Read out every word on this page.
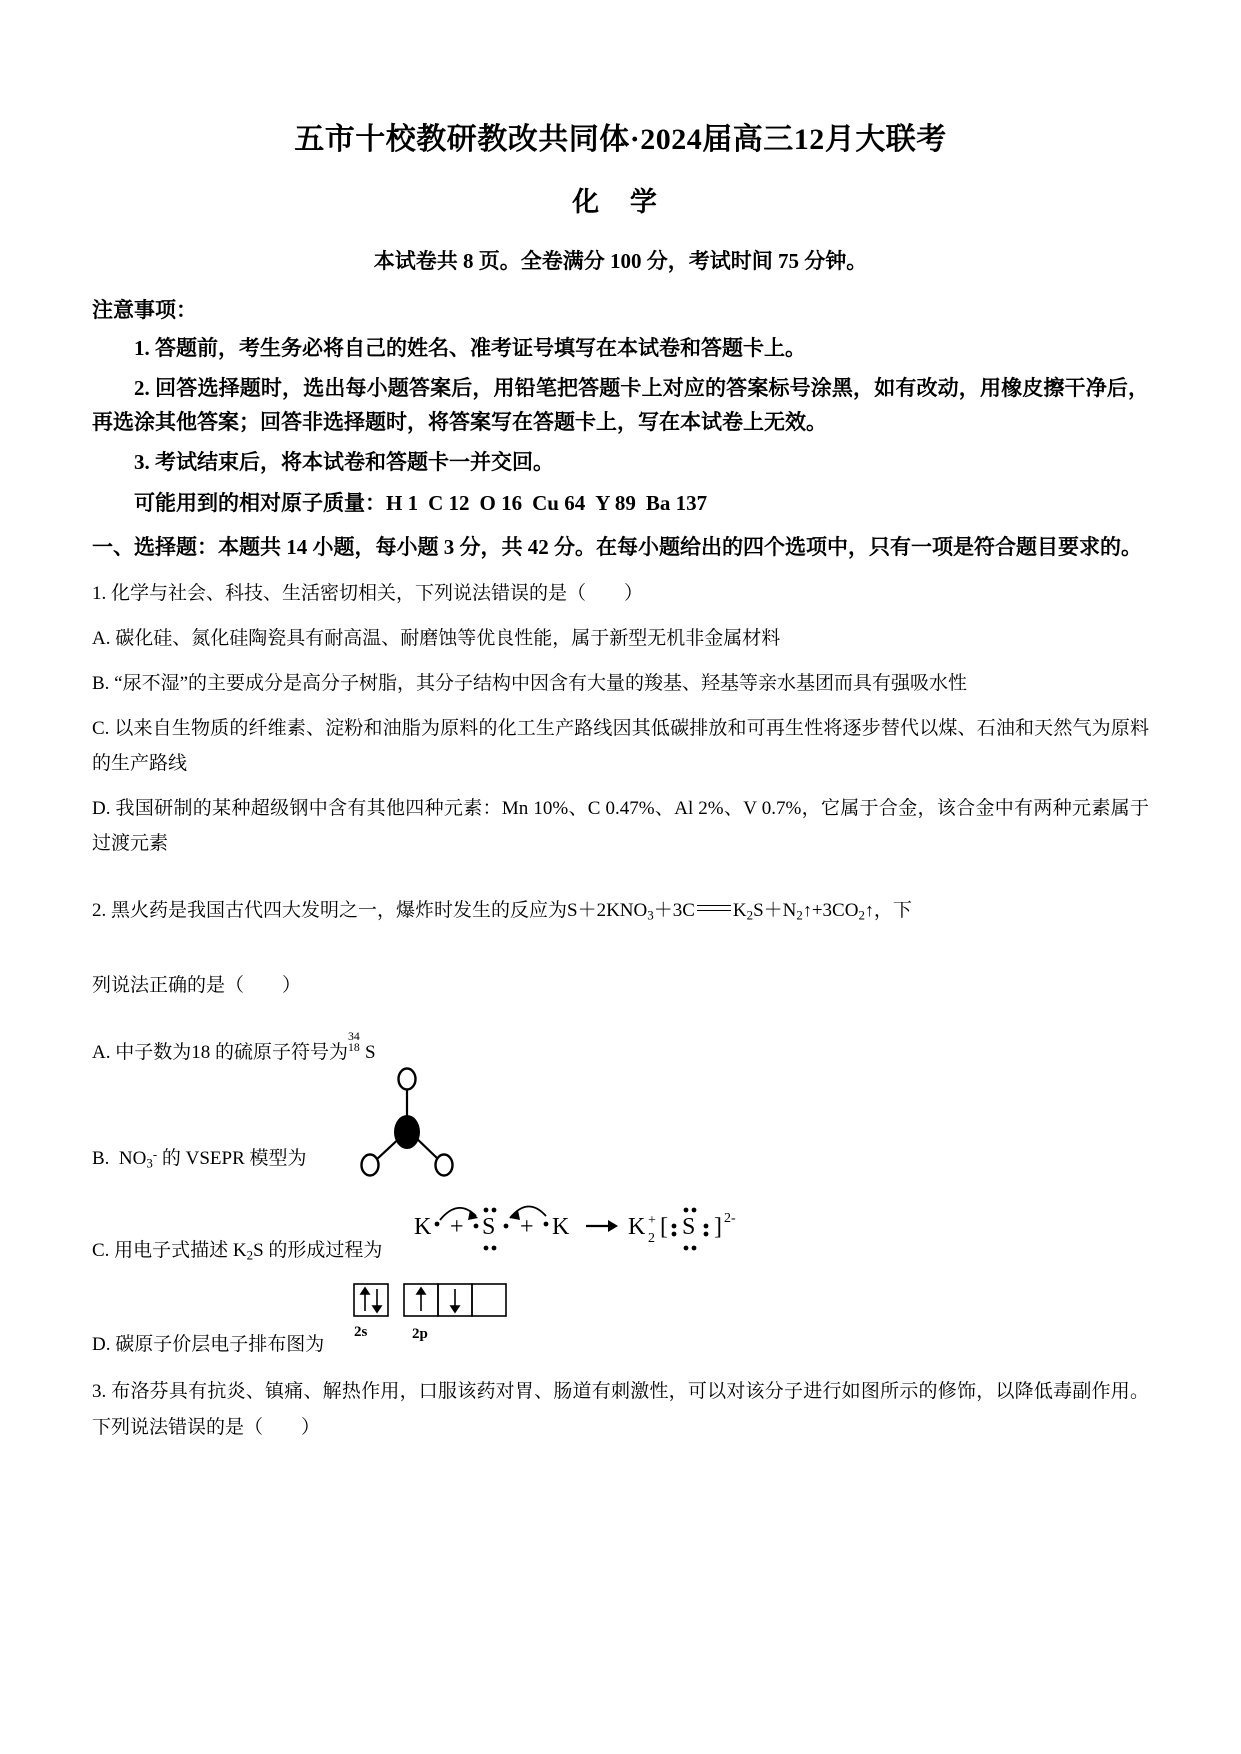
五市十校教研教改共同体·2024届高三12月大联考
化 学
本试卷共 8 页。全卷满分 100 分，考试时间 75 分钟。
注意事项：
1. 答题前，考生务必将自己的姓名、准考证号填写在本试卷和答题卡上。
2. 回答选择题时，选出每小题答案后，用铅笔把答题卡上对应的答案标号涂黑，如有改动，用橡皮擦干净后，再选涂其他答案；回答非选择题时，将答案写在答题卡上，写在本试卷上无效。
3. 考试结束后，将本试卷和答题卡一并交回。
可能用到的相对原子质量：H 1 C 12 O 16 Cu 64 Y 89 Ba 137
一、选择题：本题共 14 小题，每小题 3 分，共 42 分。在每小题给出的四个选项中，只有一项是符合题目要求的。
1. 化学与社会、科技、生活密切相关，下列说法错误的是（　　）
A. 碳化硅、氮化硅陶瓷具有耐高温、耐磨蚀等优良性能，属于新型无机非金属材料
B. “尿不湿”的主要成分是高分子树脂，其分子结构中因含有大量的羧基、羟基等亲水基团而具有强吸水性
C. 以来自生物质的纤维素、淀粉和油脂为原料的化工生产路线因其低碳排放和可再生性将逐步替代以煤、石油和天然气为原料的生产路线
D. 我国研制的某种超级钢中含有其他四种元素：Mn 10%、C 0.47%、Al 2%、V 0.7%，它属于合金，该合金中有两种元素属于过渡元素
2. 黑火药是我国古代四大发明之一，爆炸时发生的反应为$S+2KNO_3+3C$ $K_2S+N_2↑+3CO_2↑$，下
列说法正确的是（　　）
A. 中子数为18 的硫原子符号为
34
18 S
B.  $NO_3^-$ 的 VSEPR 模型为
C. 用电子式描述 $K_2S$ 的形成过程为
K + S + K K +
2 [ S ] 2-
D. 碳原子价层电子排布图为
2s	2p
3. 布洛芬具有抗炎、镇痛、解热作用，口服该药对胃、肠道有刺激性，可以对该分子进行如图所示的修饰，以降低毒副作用。下列说法错误的是（　　）
